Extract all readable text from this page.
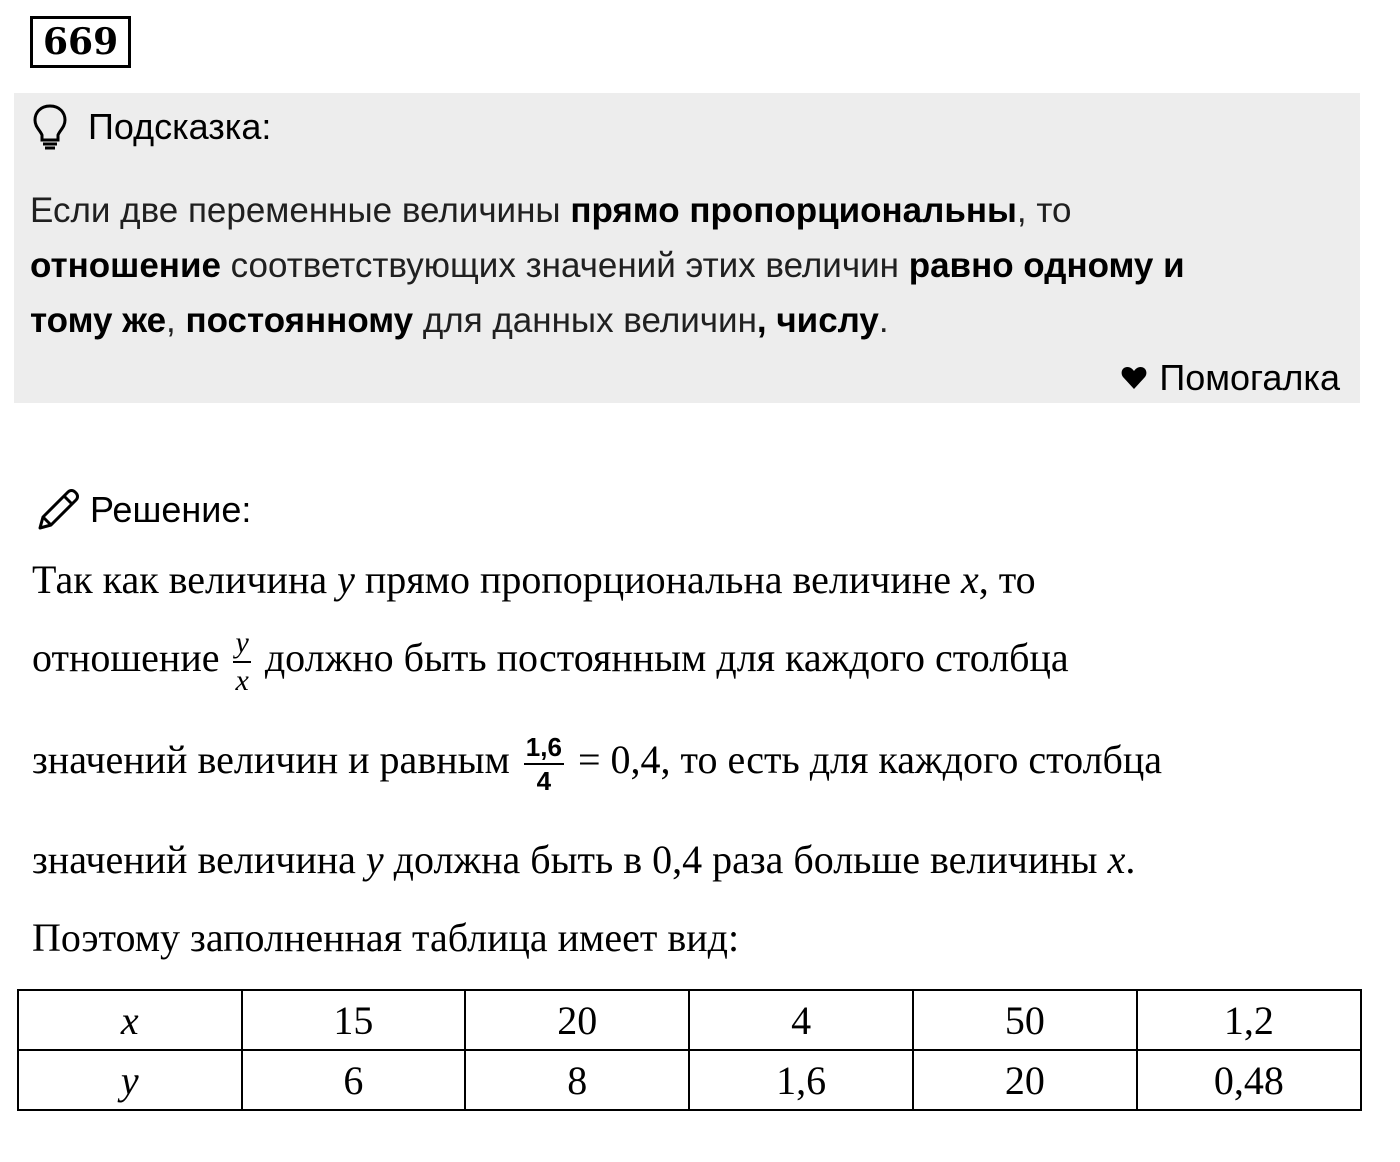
669
Подсказка:
Если две переменные величины прямо пропорциональны, то
отношение соответствующих значений этих величин равно одному и
тому же, постоянному для данных величин, числу.
Помогалка
Решение:
Так как величина y прямо пропорциональна величине x, то
отношение $\frac{y}{x}$ должно быть постоянным для каждого столбца
значений величин и равным $\frac{1,6}{4} = 0,4$, то есть для каждого столбца
значений величина y должна быть в 0,4 раза больше величины x.
Поэтому заполненная таблица имеет вид:
x	15	20	4	50	1,2
y	6	8	1,6	20	0,48
